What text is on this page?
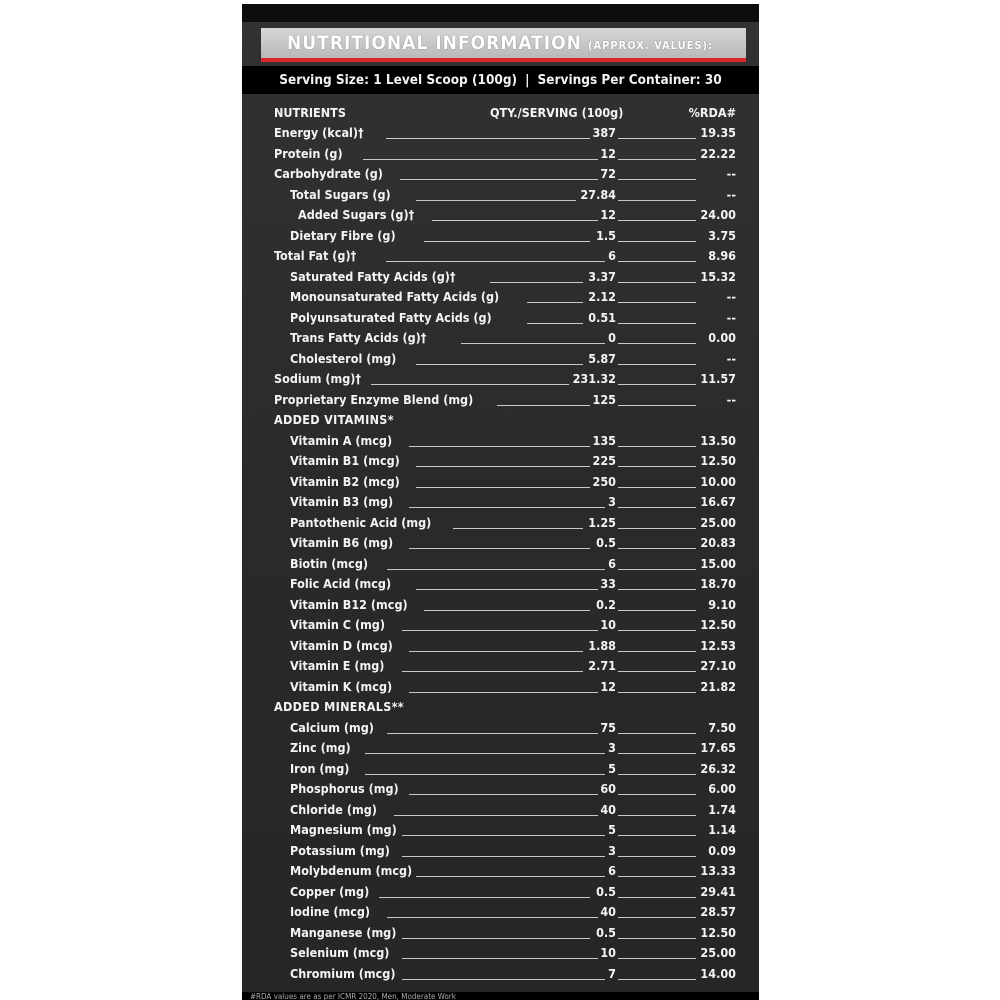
NUTRITIONAL INFORMATION (APPROX. VALUES):
Serving Size: 1 Level Scoop (100g) | Servings Per Container: 30
NUTRIENTS	QTY./SERVING (100g)	%RDA#
Energy (kcal)†	387	19.35
Protein (g)	12	22.22
Carbohydrate (g)	72	--
Total Sugars (g)	27.84	--
Added Sugars (g)†	12	24.00
Dietary Fibre (g)	1.5	3.75
Total Fat (g)†	6	8.96
Saturated Fatty Acids (g)†	3.37	15.32
Monounsaturated Fatty Acids (g)	2.12	--
Polyunsaturated Fatty Acids (g)	0.51	--
Trans Fatty Acids (g)†	0	0.00
Cholesterol (mg)	5.87	--
Sodium (mg)†	231.32	11.57
Proprietary Enzyme Blend (mg)	125	--
ADDED VITAMINS*
Vitamin A (mcg)	135	13.50
Vitamin B1 (mcg)	225	12.50
Vitamin B2 (mcg)	250	10.00
Vitamin B3 (mg)	3	16.67
Pantothenic Acid (mg)	1.25	25.00
Vitamin B6 (mg)	0.5	20.83
Biotin (mcg)	6	15.00
Folic Acid (mcg)	33	18.70
Vitamin B12 (mcg)	0.2	9.10
Vitamin C (mg)	10	12.50
Vitamin D (mcg)	1.88	12.53
Vitamin E (mg)	2.71	27.10
Vitamin K (mcg)	12	21.82
ADDED MINERALS**
Calcium (mg)	75	7.50
Zinc (mg)	3	17.65
Iron (mg)	5	26.32
Phosphorus (mg)	60	6.00
Chloride (mg)	40	1.74
Magnesium (mg)	5	1.14
Potassium (mg)	3	0.09
Molybdenum (mcg)	6	13.33
Copper (mg)	0.5	29.41
Iodine (mcg)	40	28.57
Manganese (mg)	0.5	12.50
Selenium (mcg)	10	25.00
Chromium (mcg)	7	14.00
#RDA values are as per ICMR 2020, Men, Moderate Work
